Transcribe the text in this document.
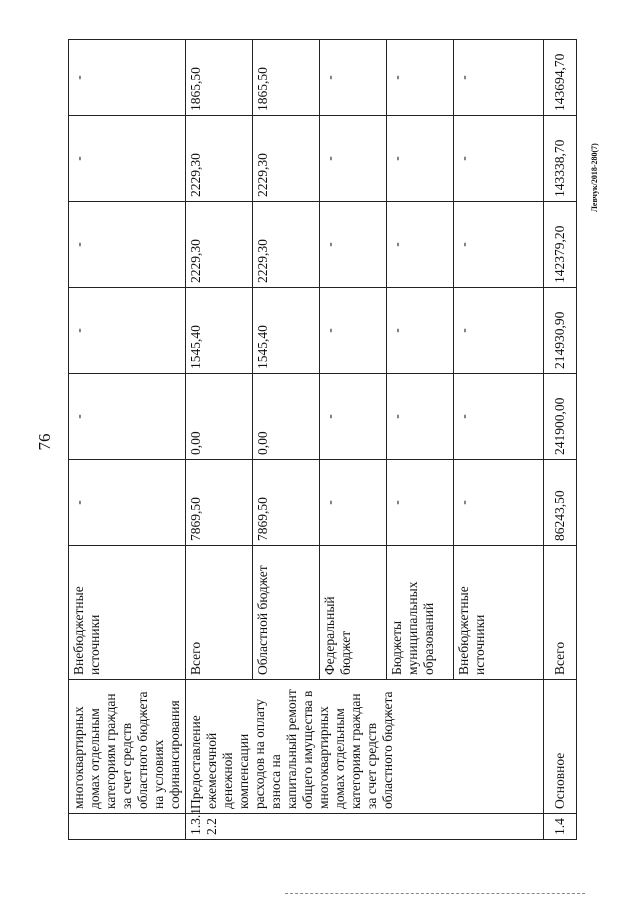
76
	многоквартирных домах отдельным категориям граждан за счет средств областного бюджета на условиях софинансирования	Внебюджетные источники	-	-	-	-	-	-
1.3.1 2.2	Предоставление ежемесячной денежной компенсации расходов на оплату взноса на капитальный ремонт общего имущества в многоквартирных домах отдельным категориям граждан за счет средств областного бюджета	Всего	7869,50	0,00	1545,40	2229,30	2229,30	1865,50
		Областной бюджет	7869,50	0,00	1545,40	2229,30	2229,30	1865,50
		Федеральный бюджет	-	-	-	-	-	-
		Бюджеты муниципальных образований	-	-	-	-	-	-
		Внебюджетные источники	-	-	-	-	-	-
1.4	Основное	Всего	86243,50	241900,00	214930,90	142379,20	143338,70	143694,70
Левчук/2018-280(7)
